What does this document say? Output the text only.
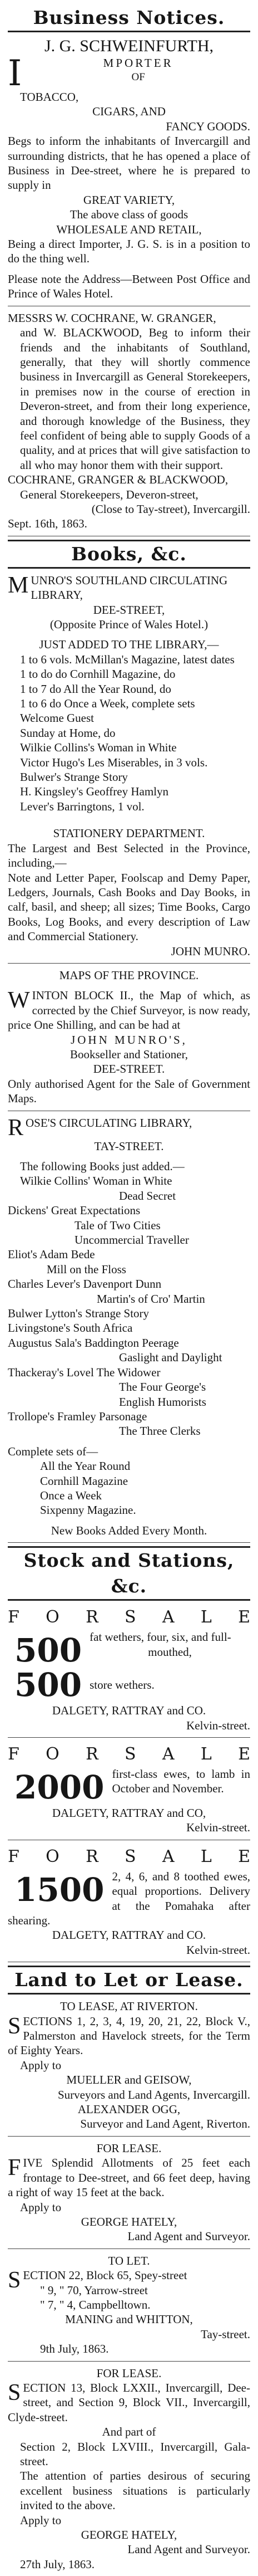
Business Notices.
J. G. SCHWEINFURTH,
I	MPORTER
OF
TOBACCO,
CIGARS, AND
FANCY GOODS.

Begs to inform the inhabitants of Invercargill and surrounding districts, that he has opened a place of Business in Dee-street, where he is prepared to supply in

GREAT VARIETY,
The above class of goods
WHOLESALE AND RETAIL,

Being a direct Importer, J. G. S. is in a position to do the thing well.

Please note the Address—Between Post Office and Prince of Wales Hotel.

MESSRS W. COCHRANE, W. GRANGER,

and W. BLACKWOOD, Beg to inform their friends and the inhabitants of Southland, generally, that they will shortly commence business in Invercargill as General Storekeepers, in premises now in the course of erection in Deveron-street, and from their long experience, and thorough knowledge of the Business, they feel confident of being able to supply Goods of a quality, and at prices that will give satisfaction to all who may honor them with their support.

COCHRANE, GRANGER & BLACKWOOD,
General Storekeepers, Deveron-street,
(Close to Tay-street), Invercargill.
Sept. 16th, 1863.
Books, &c.
M UNRO'S SOUTHLAND CIRCULATING LIBRARY,
DEE-STREET,
(Opposite Prince of Wales Hotel.)
JUST ADDED TO THE LIBRARY,—
1 to 6 vols. McMillan's Magazine, latest dates
1 to do do Cornhill Magazine, do
1 to 7 do All the Year Round, do
1 to 6 do Once a Week, complete sets
Welcome Guest
Sunday at Home, do
Wilkie Collins's Woman in White
Victor Hugo's Les Miserables, in 3 vols.
Bulwer's Strange Story
H. Kingsley's Geoffrey Hamlyn
Lever's Barringtons, 1 vol.
STATIONERY DEPARTMENT.

The Largest and Best Selected in the Province, including,—

Note and Letter Paper, Foolscap and Demy Paper, Ledgers, Journals, Cash Books and Day Books, in calf, basil, and sheep; all sizes; Time Books, Cargo Books, Log Books, and every description of Law and Commercial Stationery.

JOHN MUNRO.
MAPS OF THE PROVINCE.

WINTON BLOCK II., the Map of which, as corrected by the Chief Surveyor, is now ready, price One Shilling, and can be had at

JOHN MUNRO'S,
Bookseller and Stationer,
DEE-STREET.

Only authorised Agent for the Sale of Government Maps.

R OSE'S CIRCULATING LIBRARY,
TAY-STREET.
The following Books just added.—
Wilkie Collins' Woman in White
Dead Secret
Dickens' Great Expectations
Tale of Two Cities
Uncommercial Traveller
Eliot's Adam Bede
Mill on the Floss
Charles Lever's Davenport Dunn
Martin's of Cro' Martin
Bulwer Lytton's Strange Story
Livingstone's South Africa
Augustus Sala's Baddington Peerage
Gaslight and Daylight
Thackeray's Lovel The Widower
The Four George's
English Humorists
Trollope's Framley Parsonage
The Three Clerks
Complete sets of—
All the Year Round
Cornhill Magazine
Once a Week
Sixpenny Magazine.
New Books Added Every Month.
Stock and Stations, &c.
F O R S A L E
500 fat wethers, four, six, and full-
mouthed,
500 store wethers.
DALGETY, RATTRAY and CO.
Kelvin-street.
F O R S A L E
2000 first-class ewes, to lamb in October and November.

DALGETY, RATTRAY and CO,
Kelvin-street.
F O R S A L E
1500 2, 4, 6, and 8 toothed ewes, equal proportions. Delivery at the Pomahaka after shearing.

DALGETY, RATTRAY and CO.
Kelvin-street.
Land to Let or Lease.
TO LEASE, AT RIVERTON.

SECTIONS 1, 2, 3, 4, 19, 20, 21, 22, Block V., Palmerston and Havelock streets, for the Term of Eighty Years.

Apply to
MUELLER and GEISOW,
Surveyors and Land Agents, Invercargill.
ALEXANDER OGG,
Surveyor and Land Agent, Riverton.
FOR LEASE.

FIVE Splendid Allotments of 25 feet each frontage to Dee-street, and 66 feet deep, having a right of way 15 feet at the back.

Apply to
GEORGE HATELY,
Land Agent and Surveyor.
TO LET.
S ECTION 22, Block 65, Spey-street
" 9, " 70, Yarrow-street
" 7, " 4, Campbelltown.
MANING and WHITTON,
Tay-street.
9th July, 1863.
FOR LEASE.

SECTION 13, Block LXXII., Invercargill, Dee-street, and Section 9, Block VII., Invercargill, Clyde-street.

And part of

Section 2, Block LXVIII., Invercargill, Gala-street.

The attention of parties desirous of securing excellent business situations is particularly invited to the above.

Apply to
GEORGE HATELY,
Land Agent and Surveyor.
27th July, 1863.
